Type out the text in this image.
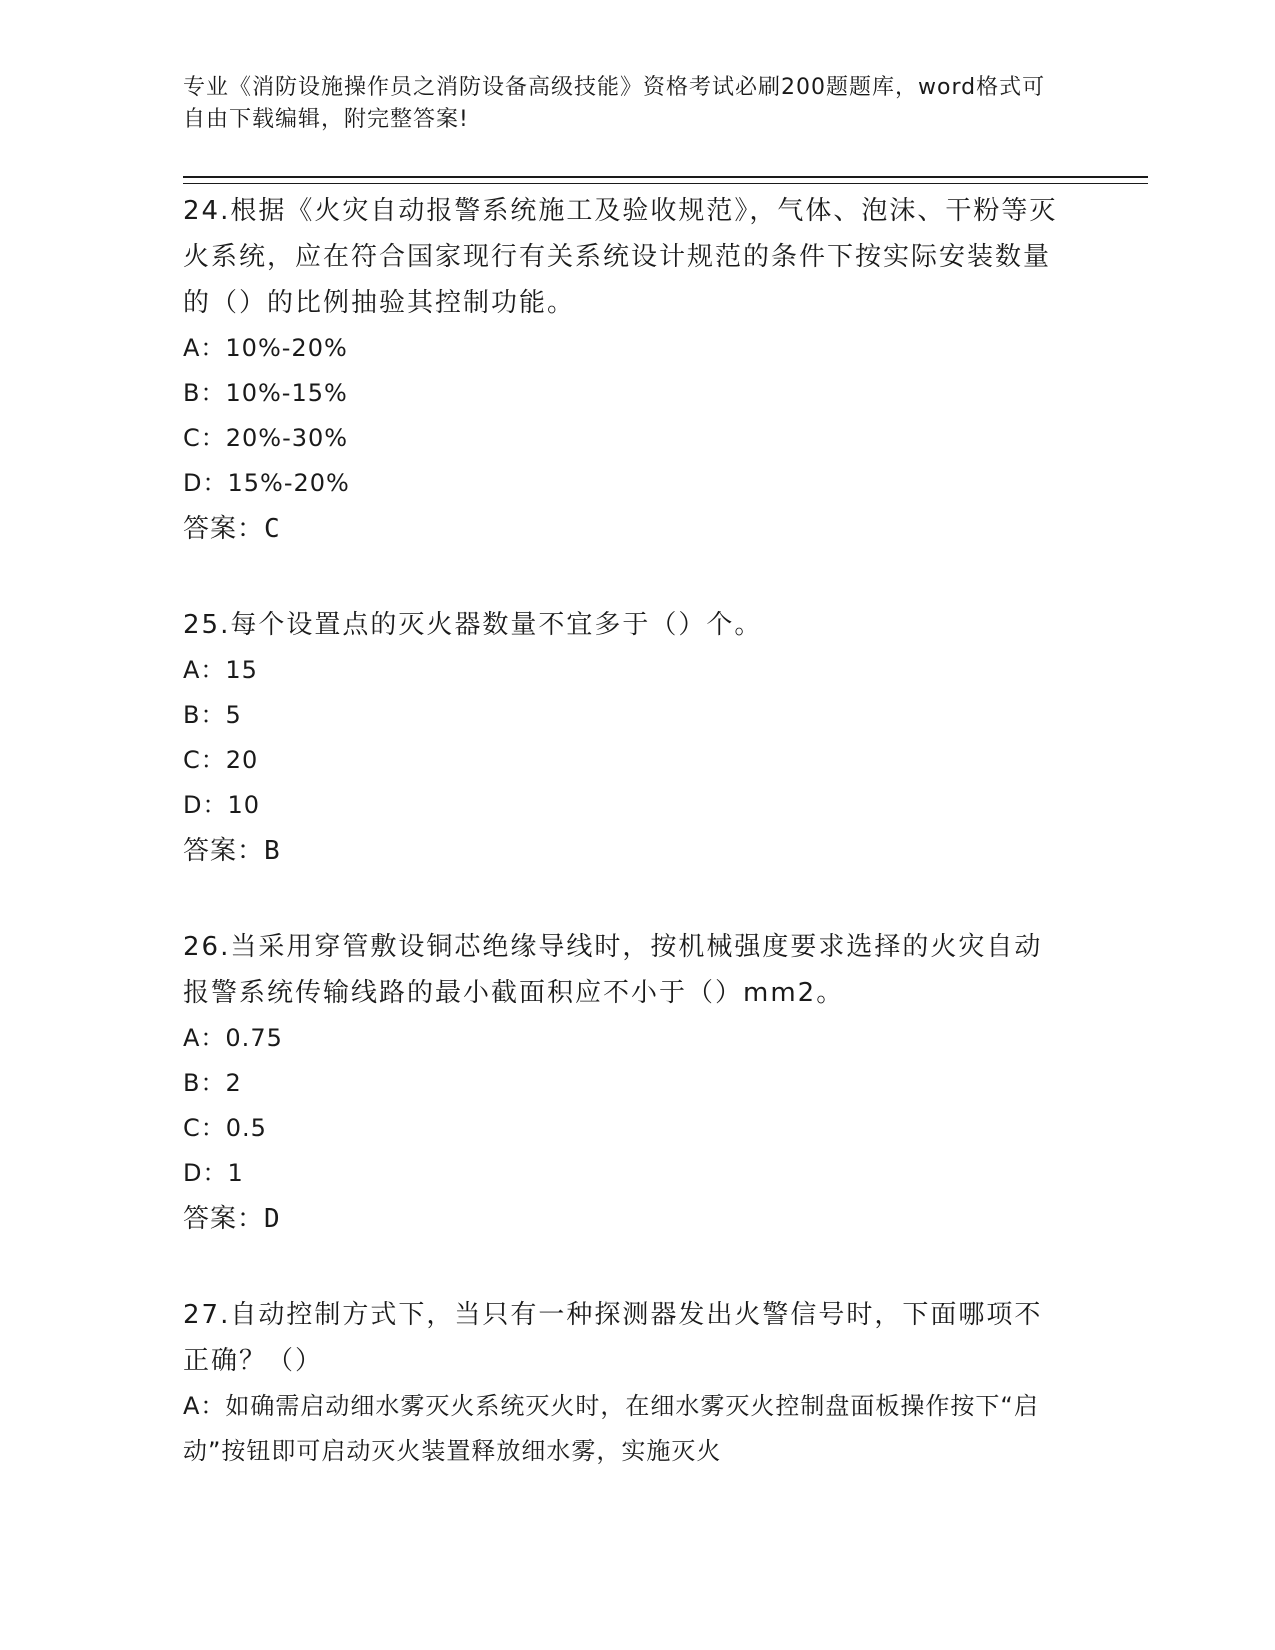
专业《消防设施操作员之消防设备高级技能》资格考试必刷200题题库，word格式可自由下载编辑，附完整答案!

24.根据《火灾自动报警系统施工及验收规范》，气体、泡沫、干粉等灭火系统，应在符合国家现行有关系统设计规范的条件下按实际安装数量的（）的比例抽验其控制功能。

A：10%-20%

B：10%-15%

C：20%-30%

D：15%-20%

答案：C

25.每个设置点的灭火器数量不宜多于（）个。

A：15

B：5

C：20

D：10

答案：B

26.当采用穿管敷设铜芯绝缘导线时，按机械强度要求选择的火灾自动报警系统传输线路的最小截面积应不小于（）mm2。

A：0.75

B：2

C：0.5

D：1

答案：D

27.自动控制方式下，当只有一种探测器发出火警信号时，下面哪项不正确？（）

A：如确需启动细水雾灭火系统灭火时，在细水雾灭火控制盘面板操作按下“启动”按钮即可启动灭火装置释放细水雾，实施灭火
